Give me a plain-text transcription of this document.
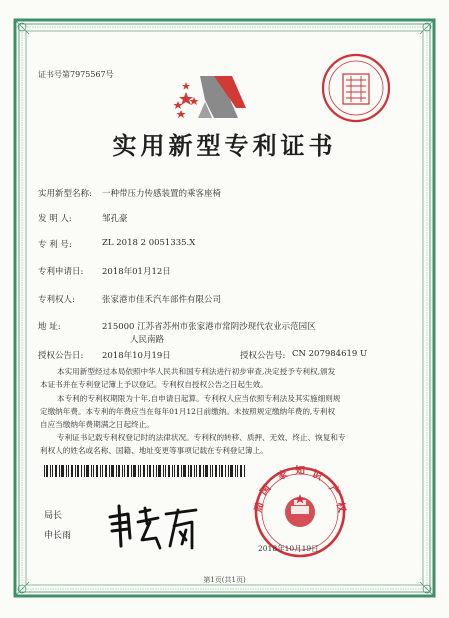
国
家 知 识
产
权
局
证书号第7975567号
实用新型专利证书
实用新型名称: 一种带压力传感装置的乘客座椅
发 明 人:	邹孔豪
专 利 号:	ZL 2018 2 0051335.X
专利申请日: 2018年01月12日
专利权人:	张家港市佳禾汽车部件有限公司
地 址:	215000 江苏省苏州市张家港市常阴沙现代农业示范园区
人民南路
授权公告日: 2018年10月19日	授权公告号: CN 207984619 U
本实用新型经过本局依照中华人民共和国专利法进行初步审查,决定授予专利权,颁发
本证书并在专利登记簿上予以登记。专利权自授权公告之日起生效。
本专利的专利权期限为十年,自申请日起算。专利权人应当依照专利法及其实施细则规
定缴纳年费。本专利的年费应当在每年01月12日前缴纳。未按照规定缴纳年费的,专利权
自应当缴纳年费期满之日起终止。
专利证书记载专利权登记时的法律状况。专利权的转移、质押、无效、终止、恢复和专
利权人的姓名或名称、国籍、地址变更等事项记载在专利登记簿上。
局长
申长雨
2018年10月19日
第1页(共1页)
